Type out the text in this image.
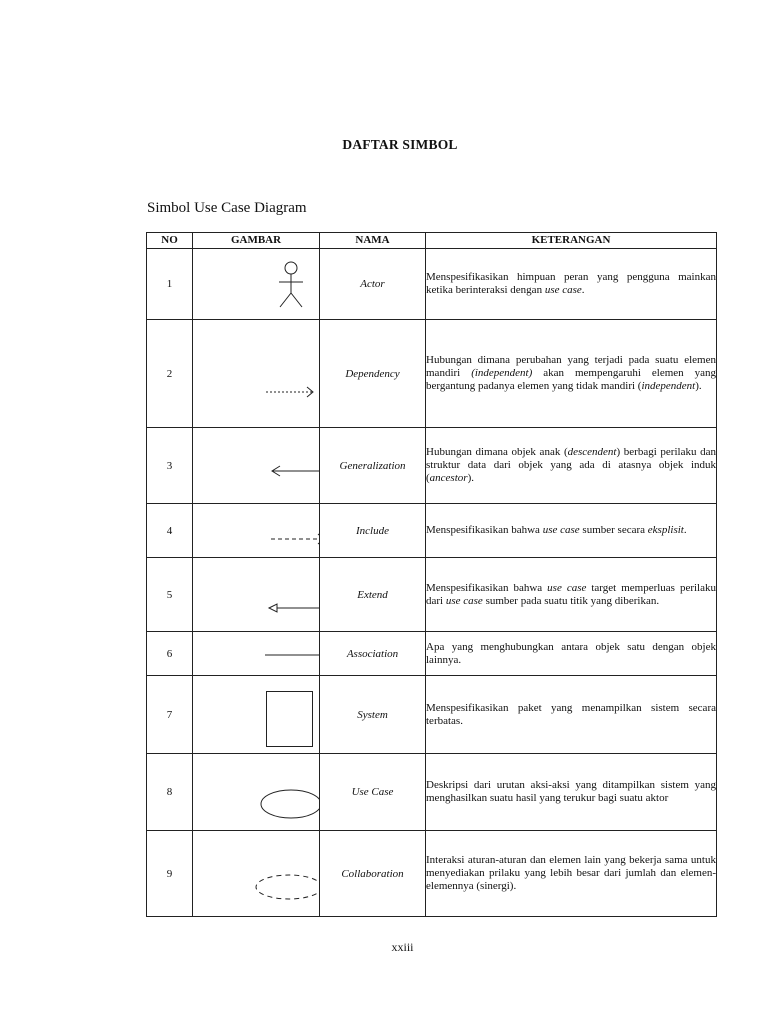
DAFTAR SIMBOL
Simbol Use Case Diagram
NO	GAMBAR	NAMA	KETERANGAN
1		Actor	Menspesifikasikan himpuan peran yang pengguna mainkan ketika berinteraksi dengan use case.
2		Dependency	Hubungan dimana perubahan yang terjadi pada suatu elemen mandiri (independent) akan mempengaruhi elemen yang bergantung padanya elemen yang tidak mandiri (independent).
3		Generalization	Hubungan dimana objek anak (descendent) berbagi perilaku dan struktur data dari objek yang ada di atasnya objek induk (ancestor).
4		Include	Menspesifikasikan bahwa use case sumber secara eksplisit.
5		Extend	Menspesifikasikan bahwa use case target memperluas perilaku dari use case sumber pada suatu titik yang diberikan.
6		Association	Apa yang menghubungkan antara objek satu dengan objek lainnya.
7		System	Menspesifikasikan paket yang menampilkan sistem secara terbatas.
8		Use Case	Deskripsi dari urutan aksi-aksi yang ditampilkan sistem yang menghasilkan suatu hasil yang terukur bagi suatu aktor
9		Collaboration	Interaksi aturan-aturan dan elemen lain yang bekerja sama untuk menyediakan prilaku yang lebih besar dari jumlah dan elemen-elemennya (sinergi).
xxiii
